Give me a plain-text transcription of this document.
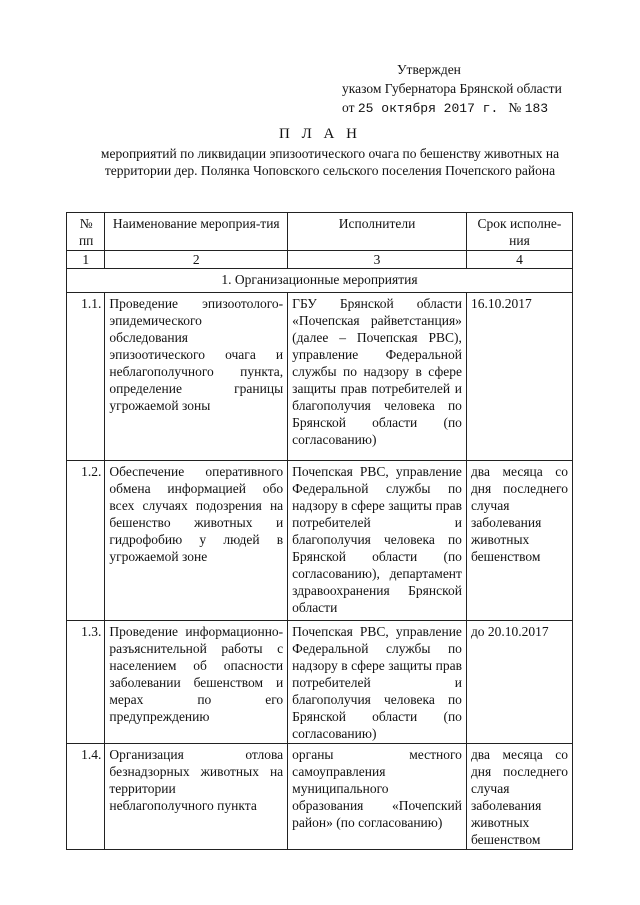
Утвержден
указом Губернатора Брянской области
от 25 октября 2017 г. № 183
П Л А Н
мероприятий по ликвидации эпизоотического очага по бешенству животных на территории дер. Полянка Чоповского сельского поселения Почепского района
№ пп	Наименование мероприя-тия	Исполнители	Срок исполне-ния
1	2	3	4
1. Организационные мероприятия			
1.1.	Проведение эпизоотолого-эпидемического обследования эпизоотического очага и неблагополучного пункта, определение границы угрожаемой зоны	ГБУ Брянской области «Почепская райветстанция» (далее – Почепская РВС), управление Федеральной службы по надзору в сфере защиты прав потребителей и благополучия человека по Брянской области (по согласованию)	16.10.2017
1.2.	Обеспечение оперативного обмена информацией обо всех случаях подозрения на бешенство животных и гидрофобию у людей в угрожаемой зоне	Почепская РВС, управление Федеральной службы по надзору в сфере защиты прав потребителей и благополучия человека по Брянской области (по согласованию), департамент здравоохранения Брянской области	два месяца со дня последнего случая заболевания животных бешенством
1.3.	Проведение информационно-разъяснительной работы с населением об опасности заболевании бешенством и мерах по его предупреждению	Почепская РВС, управление Федеральной службы по надзору в сфере защиты прав потребителей и благополучия человека по Брянской области (по согласованию)	до 20.10.2017
1.4.	Организация отлова безнадзорных животных на территории неблагополучного пункта	органы местного самоуправления муниципального образования «Почепский район» (по согласованию)	два месяца со дня последнего случая заболевания животных бешенством
